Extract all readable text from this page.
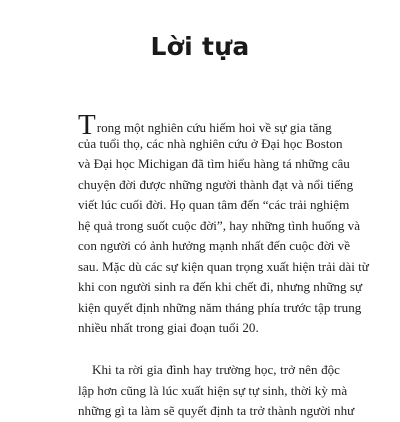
Lời tựa
Trong một nghiên cứu hiếm hoi về sự gia tăng
của tuổi thọ, các nhà nghiên cứu ở Đại học Boston
và Đại học Michigan đã tìm hiểu hàng tá những câu
chuyện đời được những người thành đạt và nổi tiếng
viết lúc cuối đời. Họ quan tâm đến “các trải nghiệm
hệ quả trong suốt cuộc đời”, hay những tình huống và
con người có ảnh hưởng mạnh nhất đến cuộc đời về
sau. Mặc dù các sự kiện quan trọng xuất hiện trải dài từ
khi con người sinh ra đến khi chết đi, nhưng những sự
kiện quyết định những năm tháng phía trước tập trung
nhiều nhất trong giai đoạn tuổi 20.
Khi ta rời gia đình hay trường học, trở nên độc
lập hơn cũng là lúc xuất hiện sự tự sinh, thời kỳ mà
những gì ta làm sẽ quyết định ta trở thành người như
